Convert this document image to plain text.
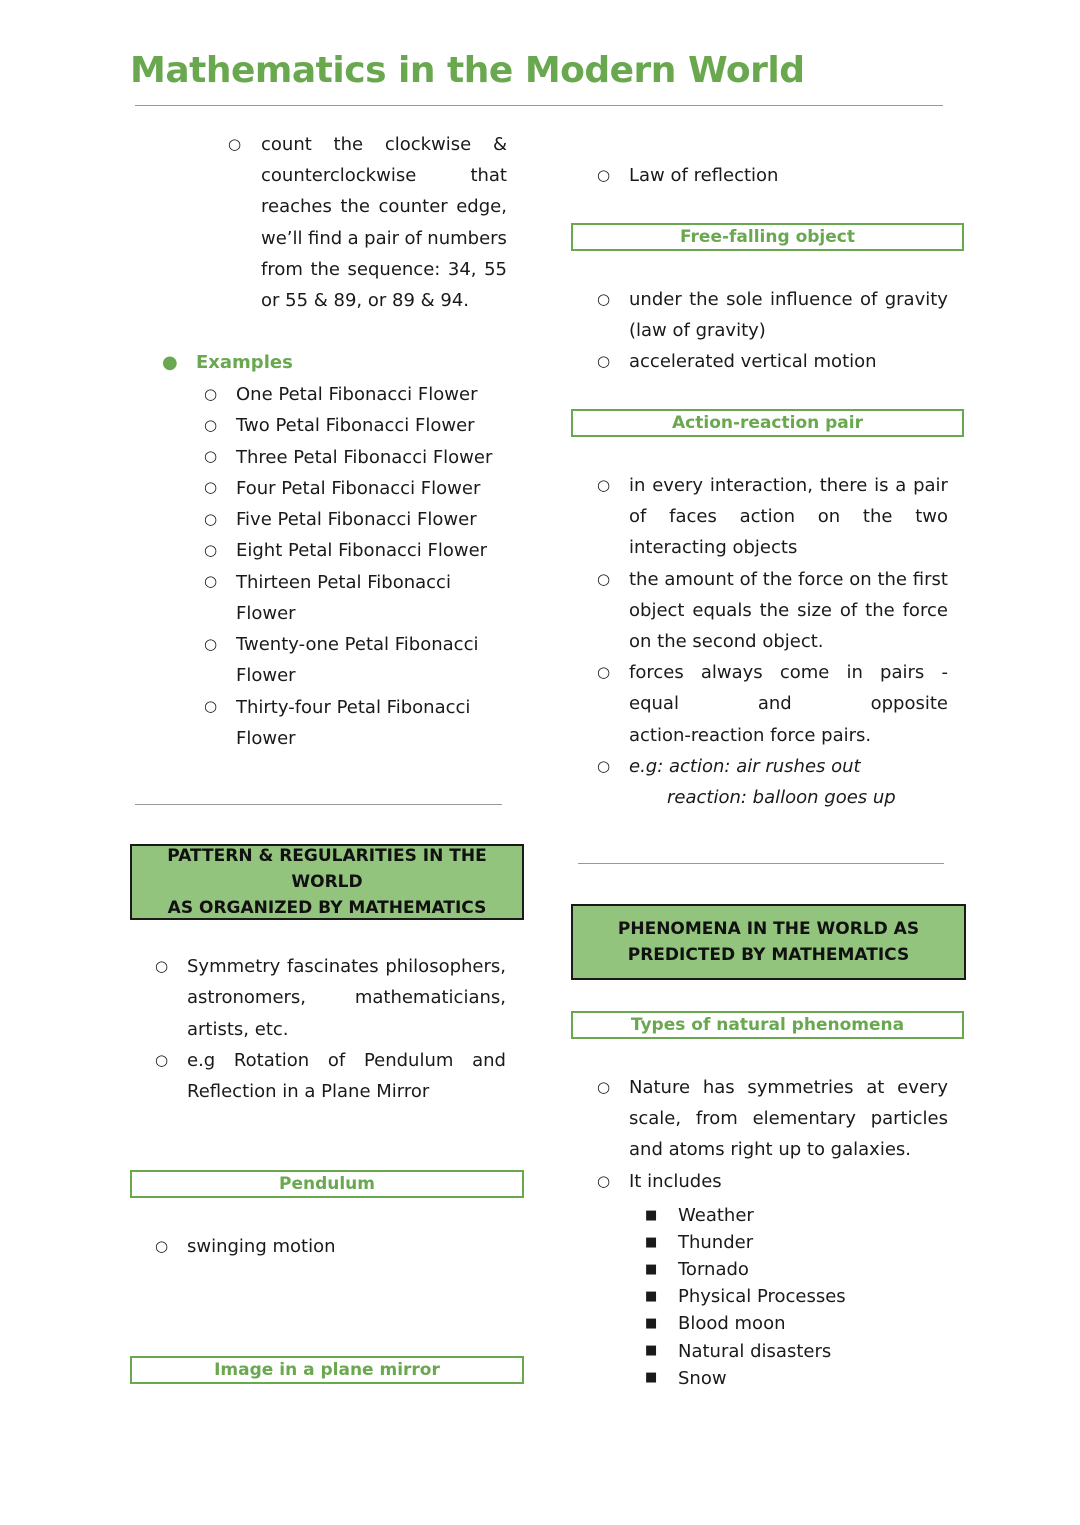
Mathematics in the Modern World
○
● Examples
○
○
○
○
○
○
○
○
○
PATTERN & REGULARITIES IN THE WORLD
AS ORGANIZED BY MATHEMATICS
○
○
Pendulum
○ swinging motion
Image in a plane mirror
○ Law of reflection
Free-falling object
○
○
Action-reaction pair
○
○
○
○ e.g: action: air rushes out
reaction: balloon goes up
PHENOMENA IN THE WORLD AS
PREDICTED BY MATHEMATICS
Types of natural phenomena
○
○
■
■
■
■
■
■
■
count the clockwise &
counterclockwise	that
reaches the counter edge,
we’ll find a pair of numbers
from the sequence: 34, 55
or 55 & 89, or 89 & 94.
One Petal Fibonacci Flower
Two Petal Fibonacci Flower
Three Petal Fibonacci Flower
Four Petal Fibonacci Flower
Five Petal Fibonacci Flower
Eight Petal Fibonacci Flower
Thirteen Petal Fibonacci
Flower
Twenty-one Petal Fibonacci
Flower
Thirty-four Petal Fibonacci
Flower
Symmetry fascinates philosophers,
astronomers,	mathematicians,
artists, etc.
e.g Rotation of Pendulum and
Reflection in a Plane Mirror
under the sole influence of gravity
(law of gravity)
accelerated vertical motion
in every interaction, there is a pair
of faces action on the two
interacting objects
the amount of the force on the first
object equals the size of the force
on the second object.
forces always come in pairs -
equal	and	opposite
action-reaction force pairs.
Nature has symmetries at every
scale, from elementary particles
and atoms right up to galaxies.
It includes
Weather
Thunder
Tornado
Physical Processes
Blood moon
Natural disasters
Snow
